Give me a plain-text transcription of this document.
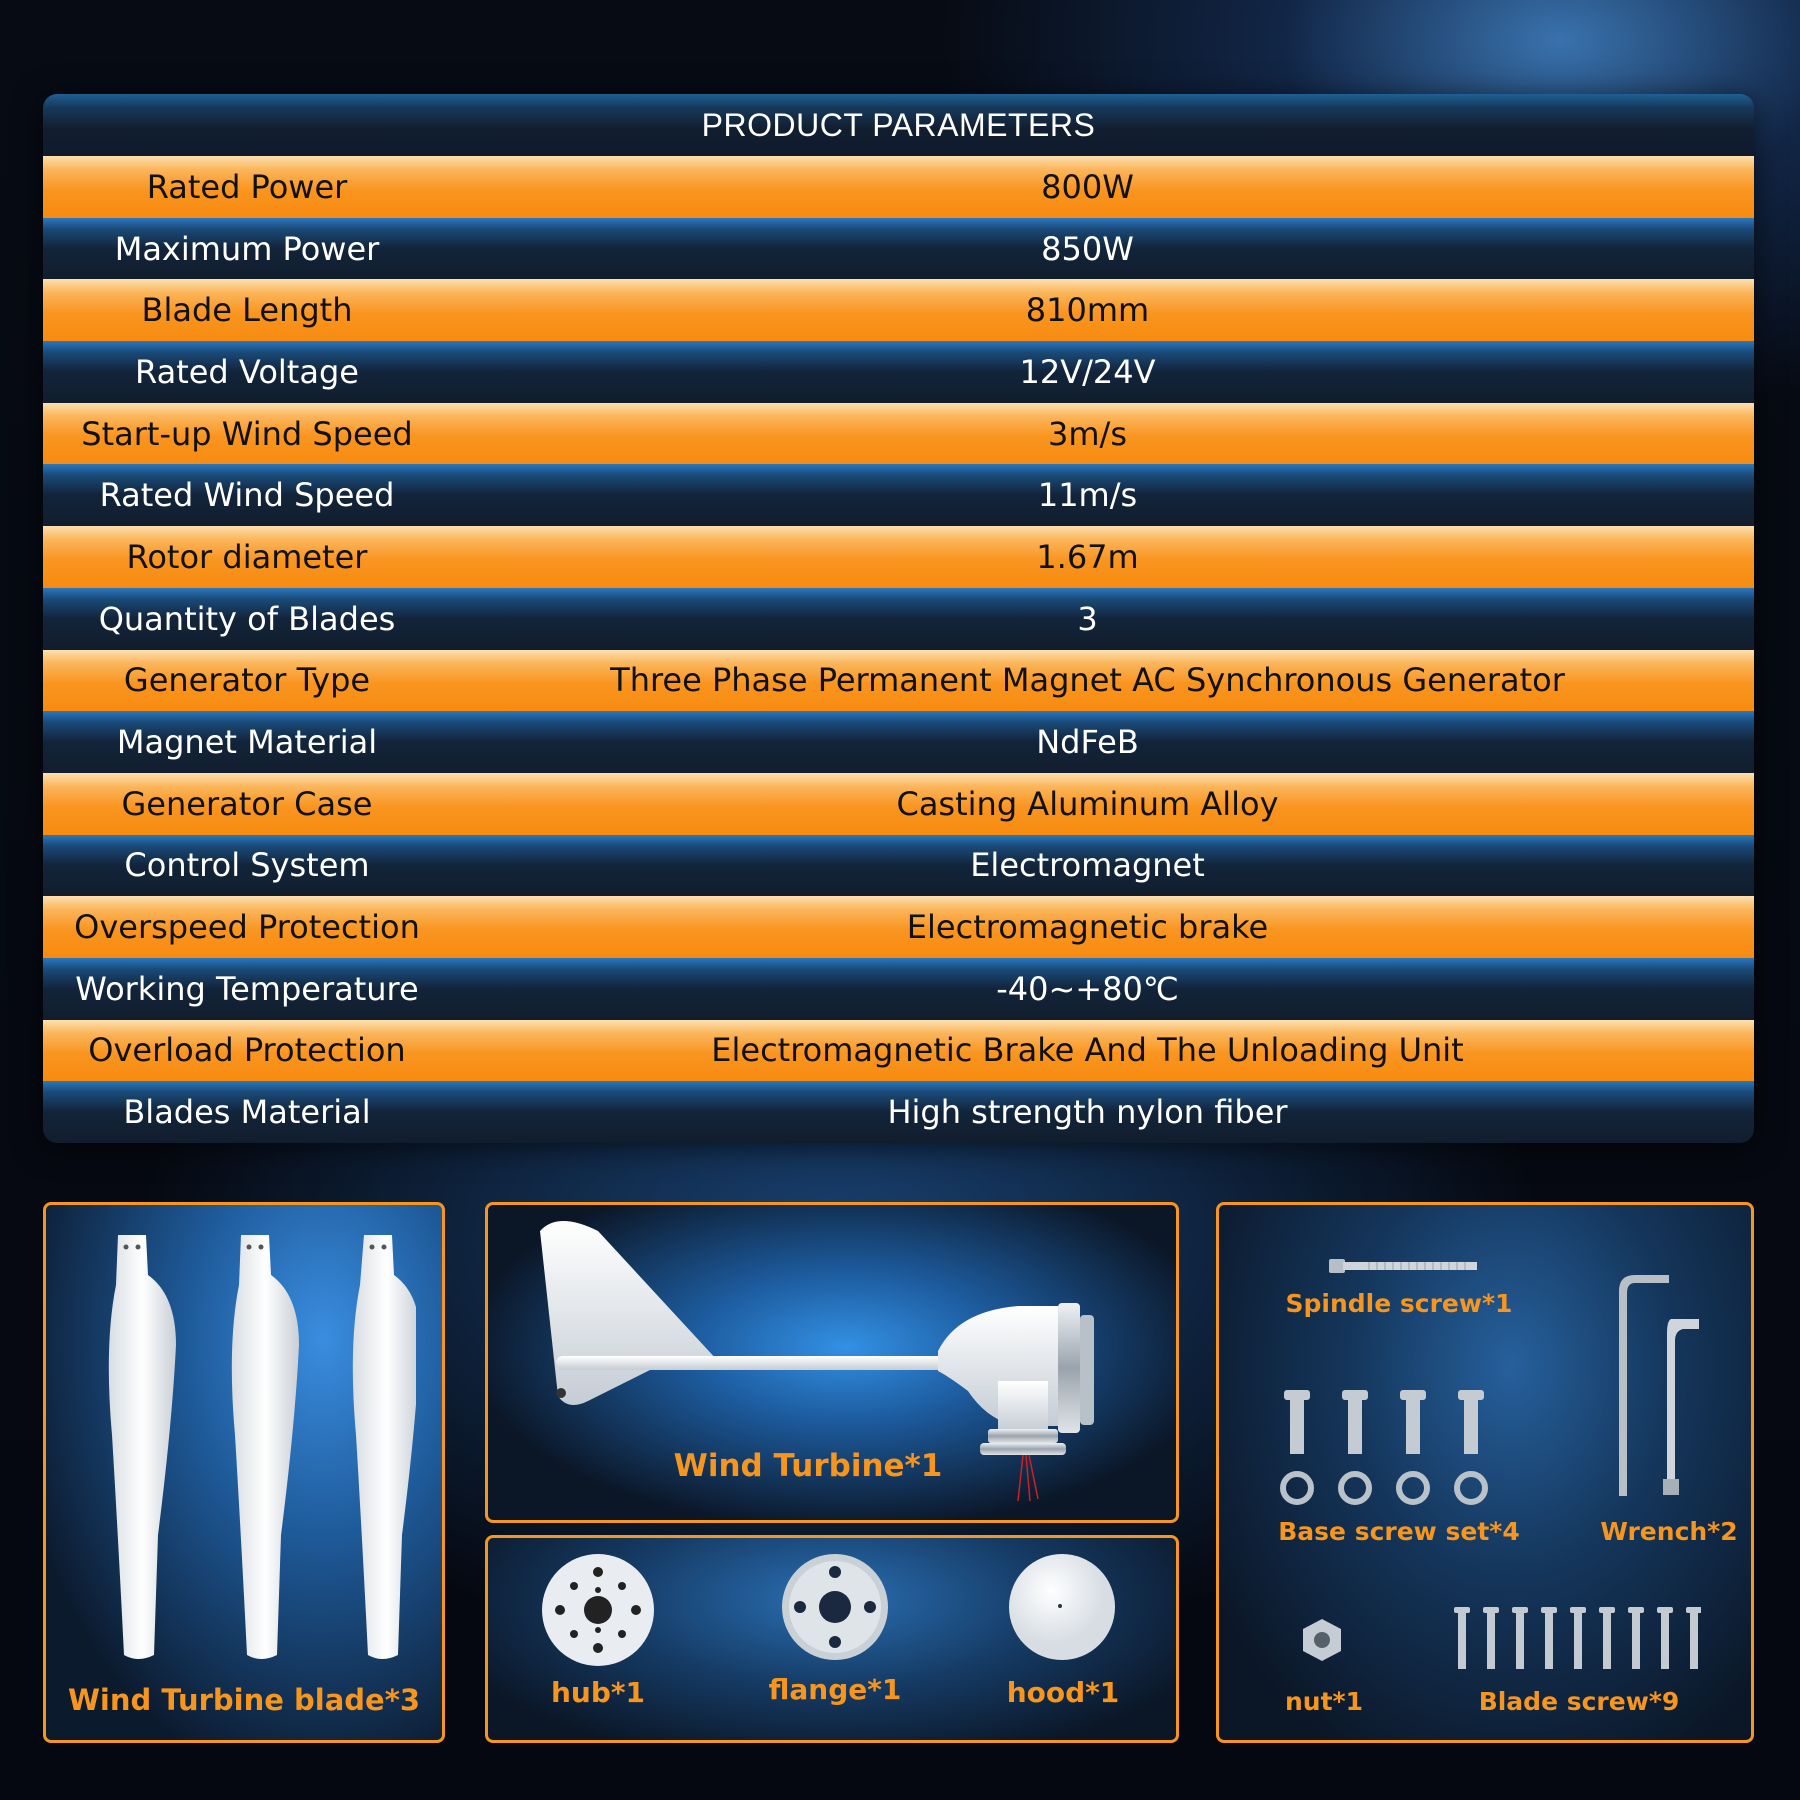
PRODUCT PARAMETERS
Rated Power	800W
Maximum Power	850W
Blade Length	810mm
Rated Voltage	12V/24V
Start-up Wind Speed	3m/s
Rated Wind Speed	11m/s
Rotor diameter	1.67m
Quantity of Blades	3
Generator Type	Three Phase Permanent Magnet AC Synchronous Generator
Magnet Material	NdFeB
Generator Case	Casting Aluminum Alloy
Control System	Electromagnet
Overspeed Protection	Electromagnetic brake
Working Temperature	-40~+80℃
Overload Protection	Electromagnetic Brake And The Unloading Unit
Blades Material	High strength nylon fiber
Wind Turbine blade*3
Wind Turbine*1
hub*1	flange*1	hood*1
Spindle screw*1
Base screw set*4	Wrench*2
nut*1	Blade screw*9
